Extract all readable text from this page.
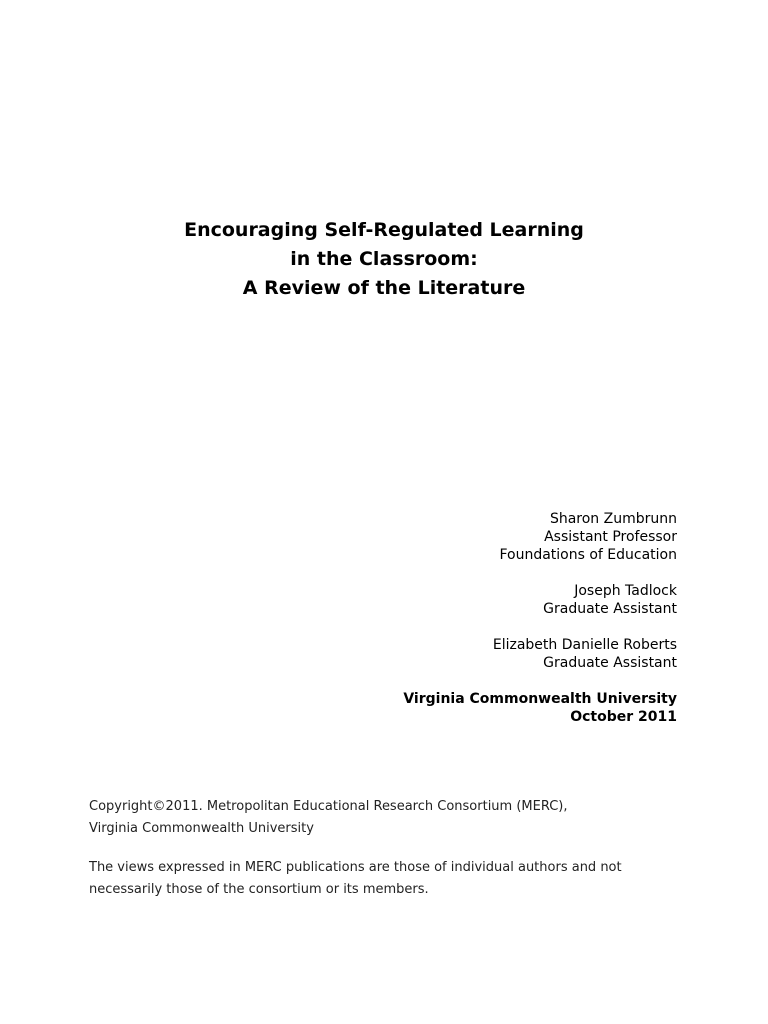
Encouraging Self-Regulated Learning
in the Classroom:
A Review of the Literature
Sharon Zumbrunn
Assistant Professor
Foundations of Education
Joseph Tadlock
Graduate Assistant
Elizabeth Danielle Roberts
Graduate Assistant
Virginia Commonwealth University
October 2011

Copyright©2011. Metropolitan Educational Research Consortium (MERC),
Virginia Commonwealth University

The views expressed in MERC publications are those of individual authors and not
necessarily those of the consortium or its members.
